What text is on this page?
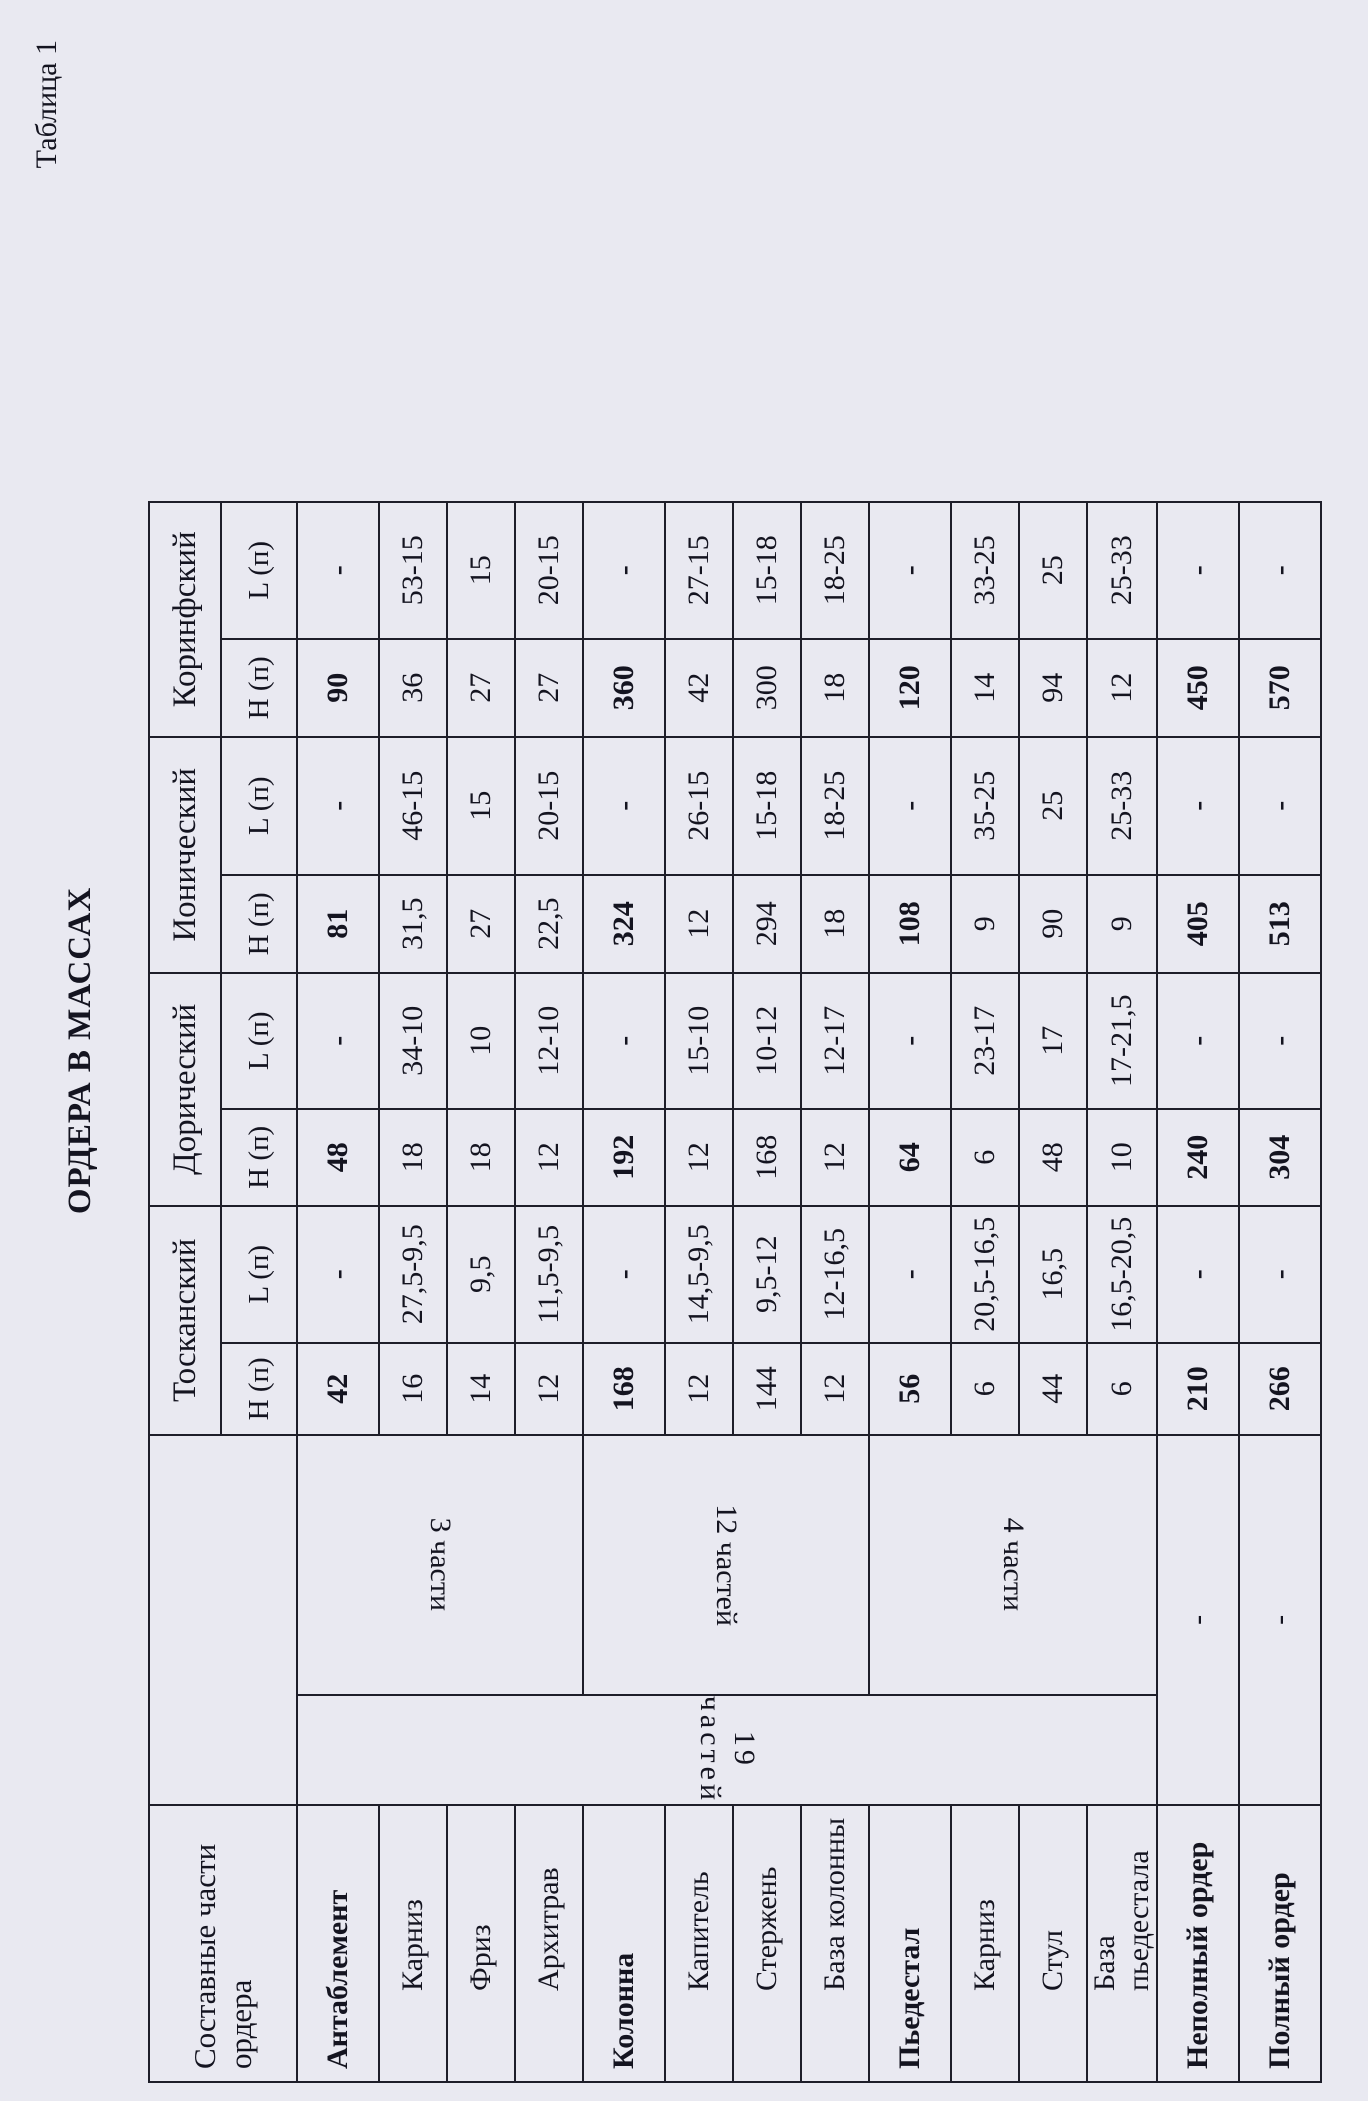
Таблица 1
ОРДЕРА В МАССАХ
Составные части ордера			Тосканский		Дорический		Ионический		Коринфский	
			H (п)	L (п)	H (п)	L (п)	H (п)	L (п)	H (п)	L (п)
Антаблемент	19 частей	3 части	42	-	48	-	81	-	90	-
Карниз			16	27,5-9,5	18	34-10	31,5	46-15	36	53-15
Фриз			14	9,5	18	10	27	15	27	15
Архитрав			12	11,5-9,5	12	12-10	22,5	20-15	27	20-15
Колонна		12 частей	168	-	192	-	324	-	360	-
Капитель			12	14,5-9,5	12	15-10	12	26-15	42	27-15
Стержень			144	9,5-12	168	10-12	294	15-18	300	15-18
База колонны			12	12-16,5	12	12-17	18	18-25	18	18-25
Пьедестал		4 части	56	-	64	-	108	-	120	-
Карниз			6	20,5-16,5	6	23-17	9	35-25	14	33-25
Стул			44	16,5	48	17	90	25	94	25
База пьедестала			6	16,5-20,5	10	17-21,5	9	25-33	12	25-33
Неполный ордер	-		210	-	240	-	405	-	450	-
Полный ордер	-		266	-	304	-	513	-	570	-
